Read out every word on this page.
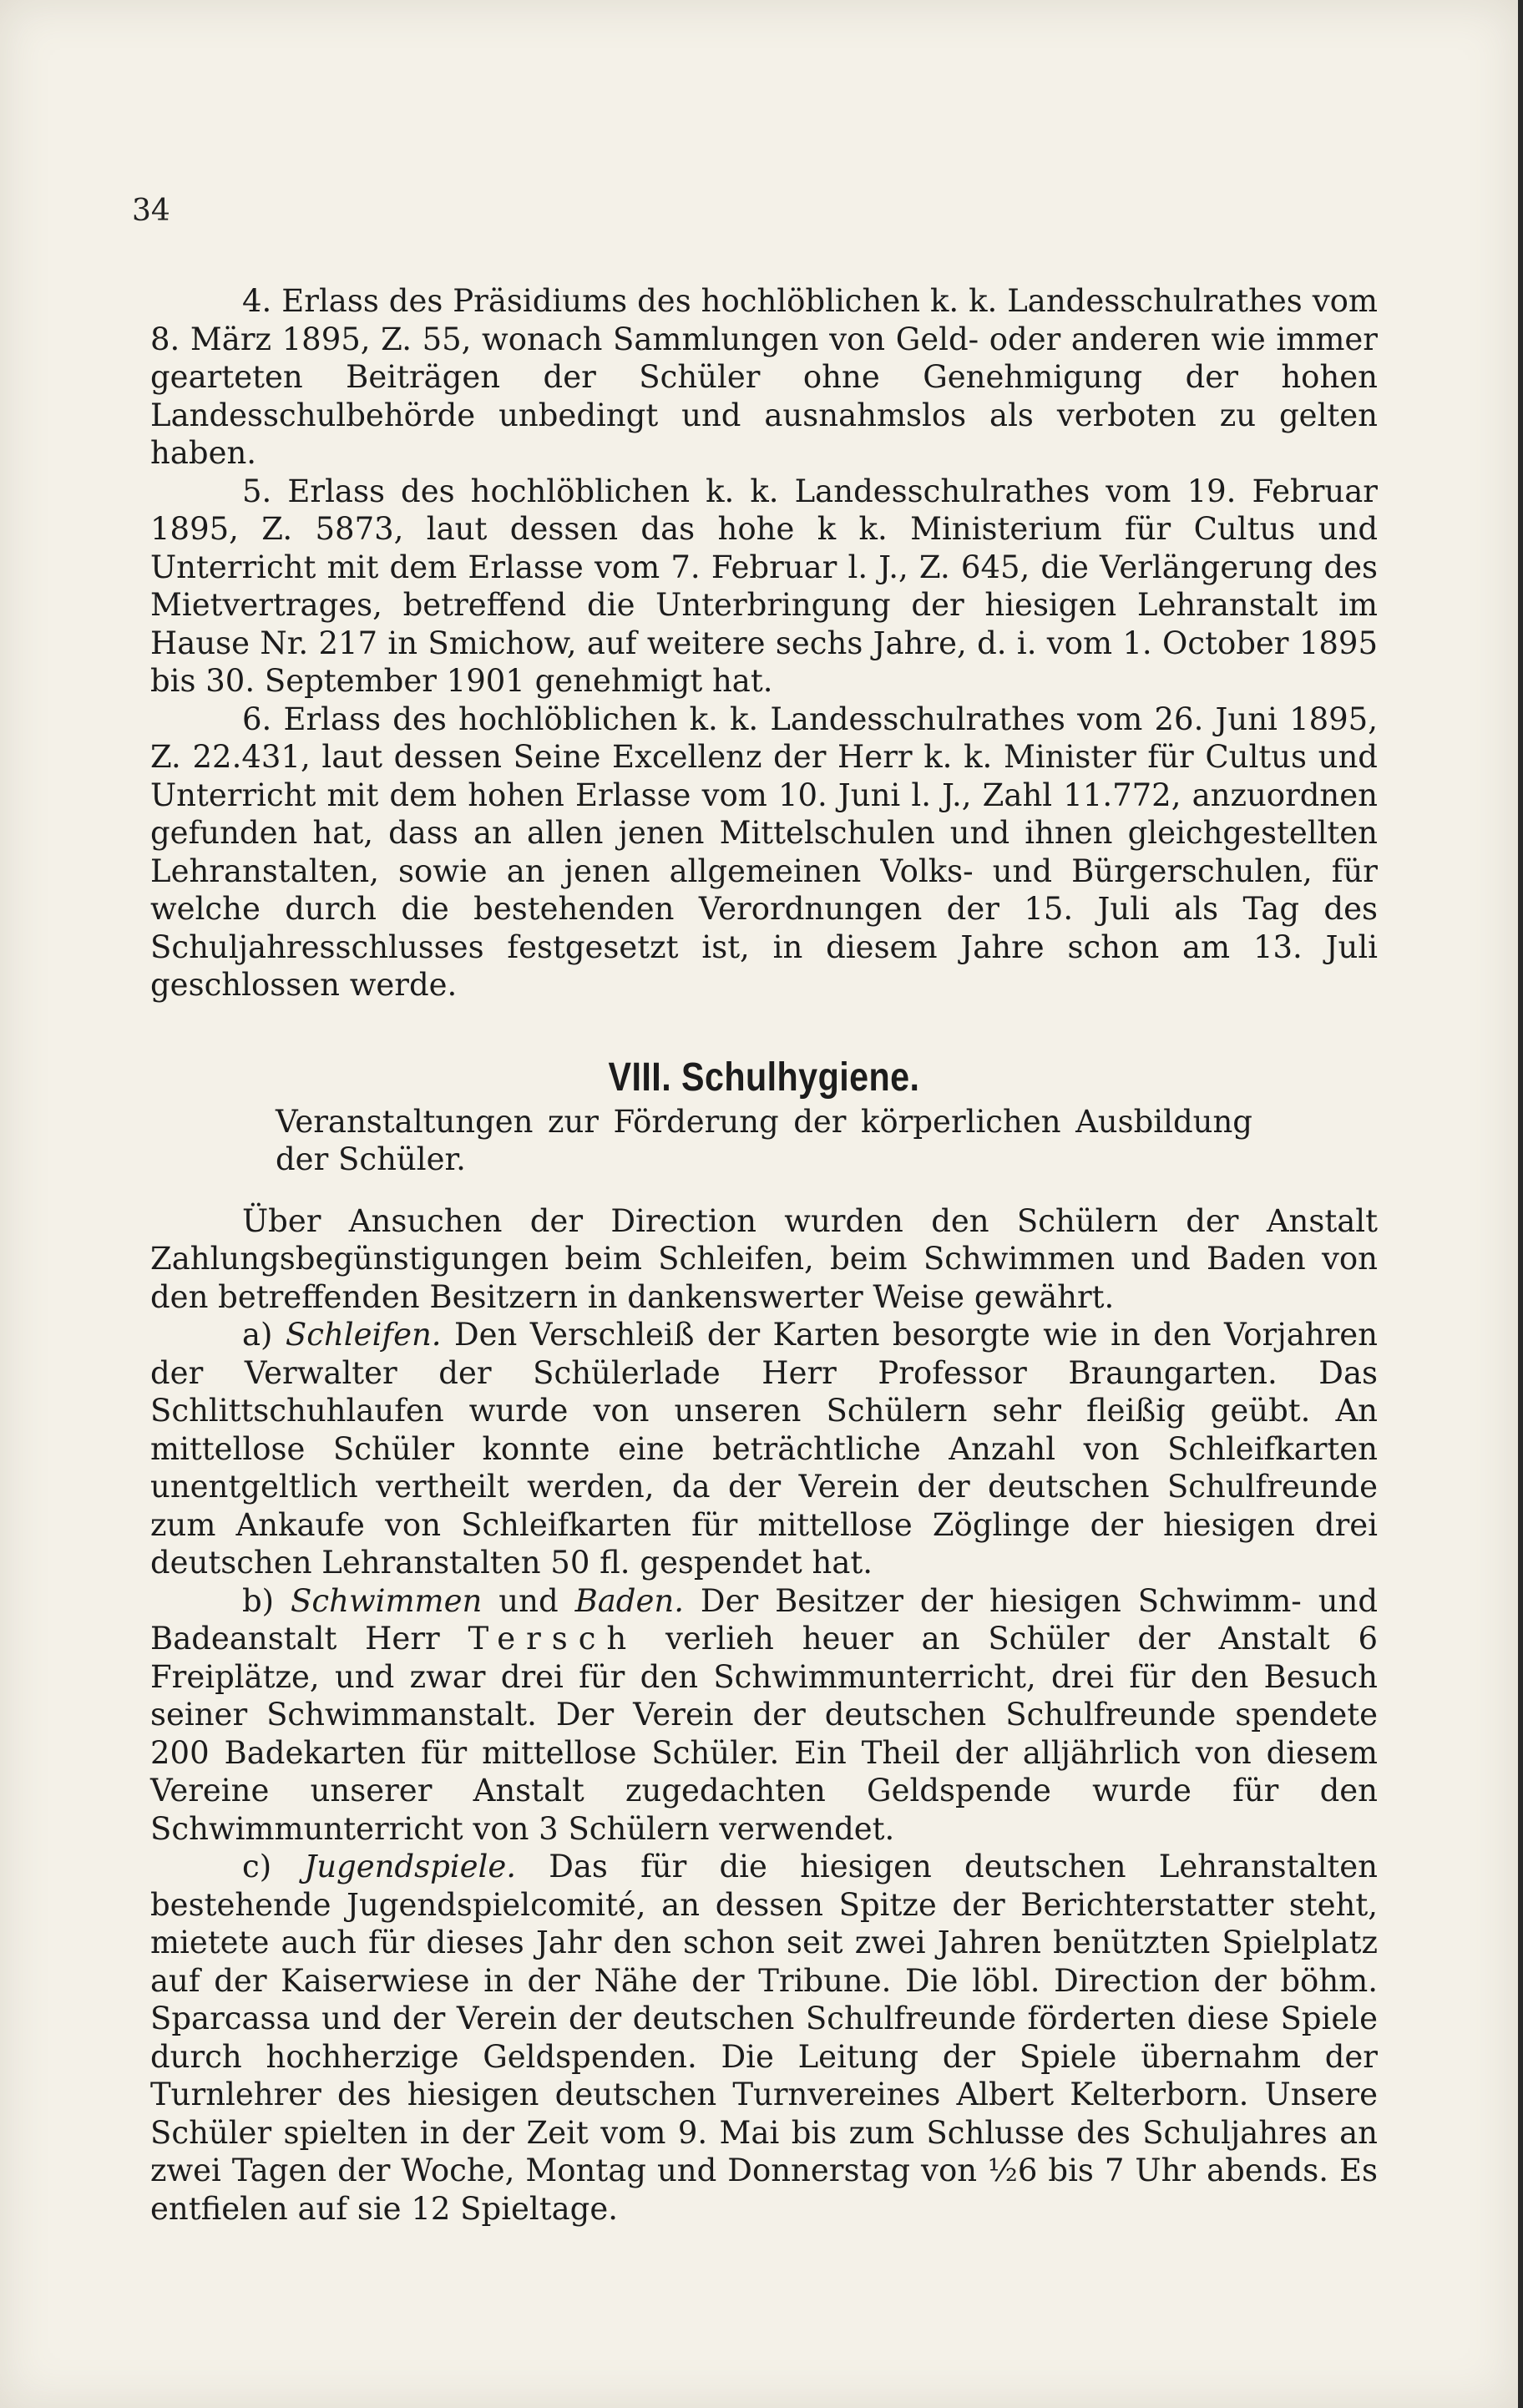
34

4. Erlass des Präsidiums des hochlöblichen k. k. Landesschulrathes vom 8. März 1895, Z. 55, wonach Sammlungen von Geld- oder anderen wie immer gearteten Beiträgen der Schüler ohne Genehmigung der hohen Landesschulbehörde unbedingt und ausnahmslos als verboten zu gelten haben.

5. Erlass des hochlöblichen k. k. Landesschulrathes vom 19. Februar 1895, Z. 5873, laut dessen das hohe k k. Ministerium für Cultus und Unterricht mit dem Erlasse vom 7. Februar l. J., Z. 645, die Verlängerung des Mietvertrages, betreffend die Unterbringung der hiesigen Lehranstalt im Hause Nr. 217 in Smichow, auf weitere sechs Jahre, d. i. vom 1. October 1895 bis 30. September 1901 genehmigt hat.

6. Erlass des hochlöblichen k. k. Landesschulrathes vom 26. Juni 1895, Z. 22.431, laut dessen Seine Excellenz der Herr k. k. Minister für Cultus und Unterricht mit dem hohen Erlasse vom 10. Juni l. J., Zahl 11.772, anzuordnen gefunden hat, dass an allen jenen Mittelschulen und ihnen gleichgestellten Lehranstalten, sowie an jenen allgemeinen Volks- und Bürgerschulen, für welche durch die bestehenden Verordnungen der 15. Juli als Tag des Schuljahresschlusses festgesetzt ist, in diesem Jahre schon am 13. Juli geschlossen werde.

VIII. Schulhygiene.

Veranstaltungen zur Förderung der körperlichen Ausbildung der Schüler.

Über Ansuchen der Direction wurden den Schülern der Anstalt Zahlungsbegünstigungen beim Schleifen, beim Schwimmen und Baden von den betreffenden Besitzern in dankenswerter Weise gewährt.

a) Schleifen. Den Verschleiß der Karten besorgte wie in den Vorjahren der Verwalter der Schülerlade Herr Professor Braungarten. Das Schlittschuhlaufen wurde von unseren Schülern sehr fleißig geübt. An mittellose Schüler konnte eine beträchtliche Anzahl von Schleifkarten unentgeltlich vertheilt werden, da der Verein der deutschen Schulfreunde zum Ankaufe von Schleifkarten für mittellose Zöglinge der hiesigen drei deutschen Lehranstalten 50 fl. gespendet hat.

b) Schwimmen und Baden. Der Besitzer der hiesigen Schwimm- und Badeanstalt Herr Tersch verlieh heuer an Schüler der Anstalt 6 Freiplätze, und zwar drei für den Schwimmunterricht, drei für den Besuch seiner Schwimmanstalt. Der Verein der deutschen Schulfreunde spendete 200 Badekarten für mittellose Schüler. Ein Theil der alljährlich von diesem Vereine unserer Anstalt zugedachten Geldspende wurde für den Schwimmunterricht von 3 Schülern verwendet.

c) Jugendspiele. Das für die hiesigen deutschen Lehranstalten bestehende Jugendspielcomité, an dessen Spitze der Berichterstatter steht, mietete auch für dieses Jahr den schon seit zwei Jahren benützten Spielplatz auf der Kaiserwiese in der Nähe der Tribune. Die löbl. Direction der böhm. Sparcassa und der Verein der deutschen Schulfreunde förderten diese Spiele durch hochherzige Geldspenden. Die Leitung der Spiele übernahm der Turnlehrer des hiesigen deutschen Turnvereines Albert Kelterborn. Unsere Schüler spielten in der Zeit vom 9. Mai bis zum Schlusse des Schuljahres an zwei Tagen der Woche, Montag und Donnerstag von ½6 bis 7 Uhr abends. Es entfielen auf sie 12 Spieltage.
